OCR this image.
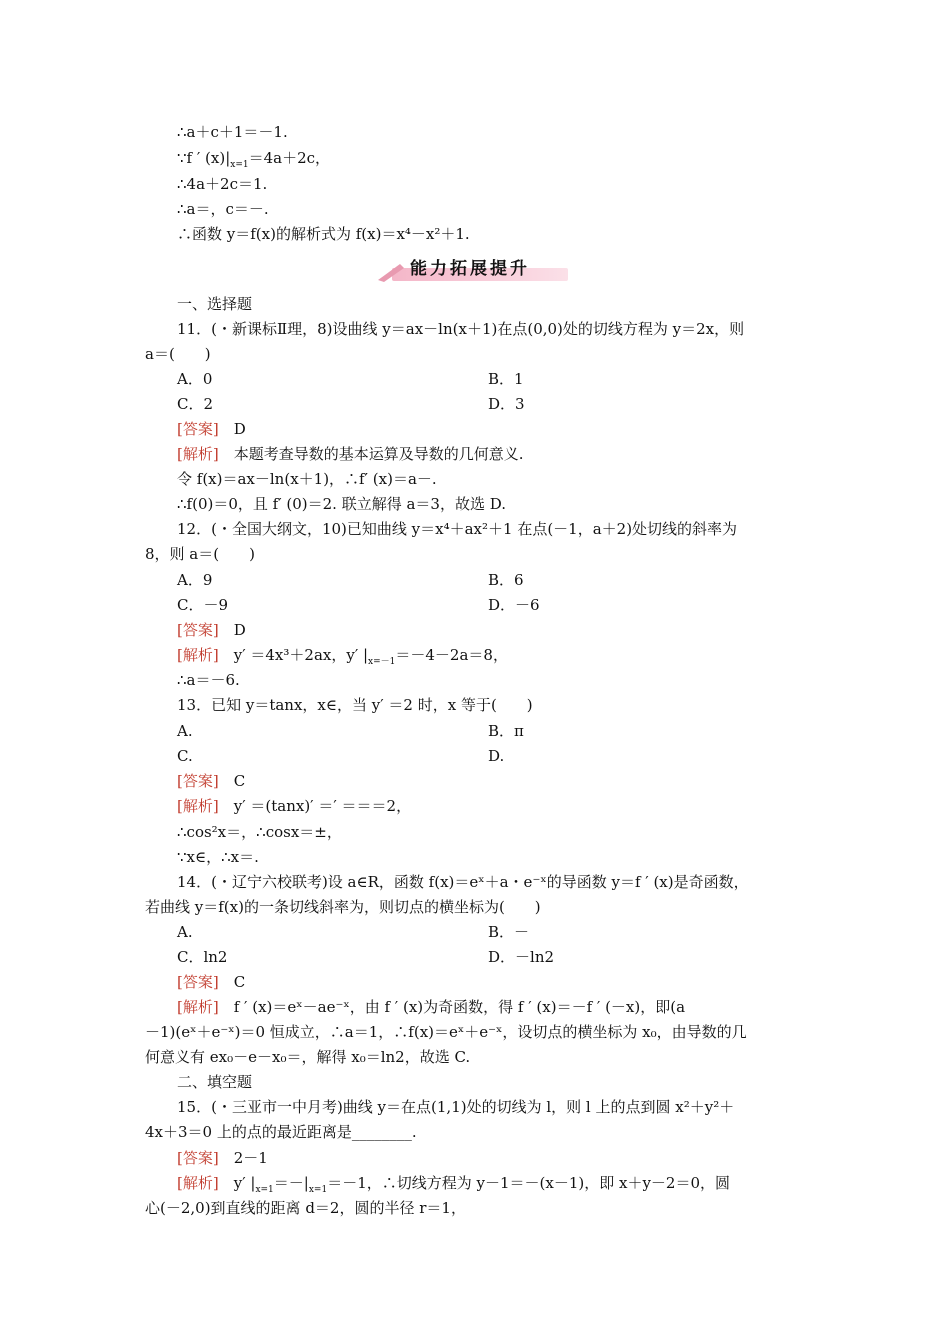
∴a＋c＋1＝－1.
∵f ′ $(x)|_{x=1}=4a+2c$，
∴4a＋2c＝1.
∴a＝，c＝－.
∴函数 y＝f(x)的解析式为 f(x)＝x⁴－x²＋1.
能力拓展提升
一、选择题
11．(・新课标Ⅱ理，8)设曲线 y＝ax－ln(x＋1)在点(0,0)处的切线方程为 y＝2x，则
a＝(　　)
A．0	B．1
C．2	D．3
[答案]　 D
[解析]　 本题考查导数的基本运算及导数的几何意义.
令 f(x)＝ax－ln(x＋1)，∴f′ (x)＝a－.
∴f(0)＝0，且 f′ (0)＝2. 联立解得 a＝3，故选 D.
12．(・全国大纲文，10)已知曲线 y＝x⁴＋ax²＋1 在点(－1，a＋2)处切线的斜率为
8，则 a＝(　　)
A．9	B．6
C．－9	D．－6
[答案]　 D
[解析]　 y′ ＝4x³＋2ax，y′ $|_{x=-1}=-4-2a=8$，
∴a＝－6.
13．已知 y＝tanx，x∈，当 y′ ＝2 时，x 等于(　　)
A.	B．π
C.	D.
[答案]　 C
[解析]　 y′ ＝(tanx)′ ＝′ ＝＝＝2，
∴cos²x＝，∴cosx＝±，
∵x∈，∴x＝.
14．(・辽宁六校联考)设 a∈R，函数 f(x)＝eˣ＋a・e⁻ˣ的导函数 y＝f ′ (x)是奇函数，
若曲线 y＝f(x)的一条切线斜率为，则切点的横坐标为(　　)
A.	B．－
C．ln2	D．－ln2
[答案]　 C
[解析]　 f ′ (x)＝eˣ－ae⁻ˣ，由 f ′ (x)为奇函数，得 f ′ (x)＝－f ′ (－x)，即(a
－1)(eˣ＋e⁻ˣ)＝0 恒成立，∴a＝1，∴f(x)＝eˣ＋e⁻ˣ，设切点的横坐标为 x₀，由导数的几
何意义有 ex₀－e－x₀＝，解得 x₀＝ln2，故选 C.
二、填空题
15．(・三亚市一中月考)曲线 y＝在点(1,1)处的切线为 l，则 l 上的点到圆 x²＋y²＋
4x＋3＝0 上的点的最近距离是________.
[答案]　 2－1
[解析]　 y′ $|_{x=1}=-|_{x=1}=-1$，∴切线方程为 y－1＝－(x－1)，即 x＋y－2＝0，圆
心(－2,0)到直线的距离 d＝2，圆的半径 r＝1，
